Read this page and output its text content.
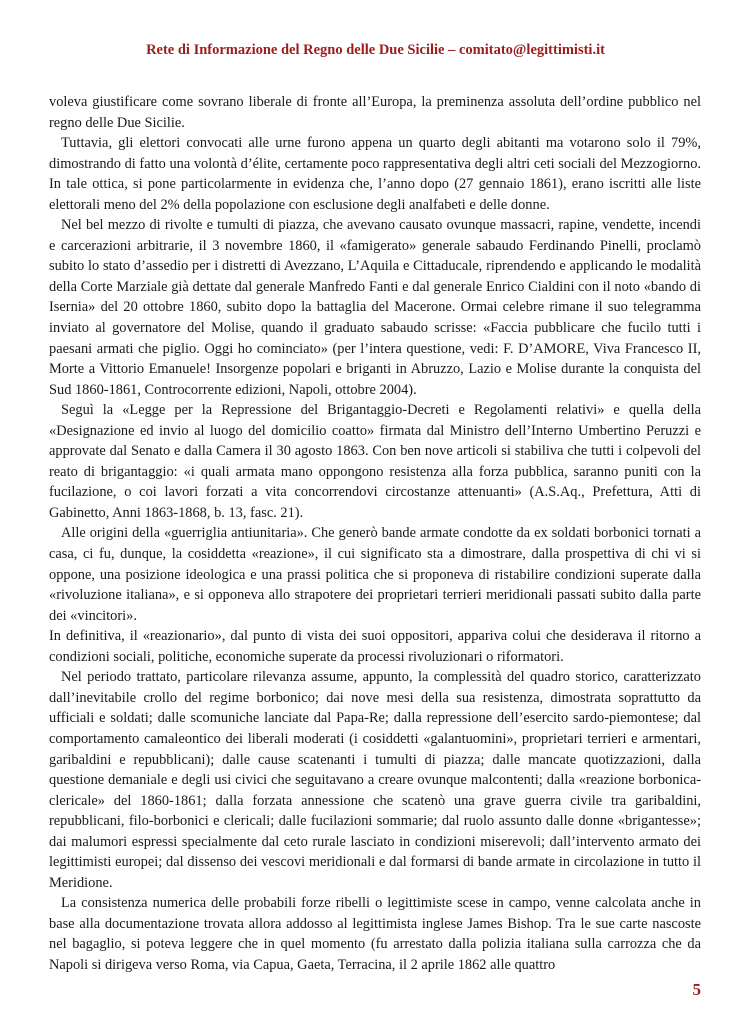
Rete di Informazione del Regno delle Due Sicilie – comitato@legittimisti.it

voleva giustificare come sovrano liberale di fronte all’Europa, la preminenza assoluta dell’ordine pubblico nel regno delle Due Sicilie.

Tuttavia, gli elettori convocati alle urne furono appena un quarto degli abitanti ma votarono solo il 79%, dimostrando di fatto una volontà d’élite, certamente poco rappresentativa degli altri ceti sociali del Mezzogiorno. In tale ottica, si pone particolarmente in evidenza che, l’anno dopo (27 gennaio 1861), erano iscritti alle liste elettorali meno del 2% della popolazione con esclusione degli analfabeti e delle donne.

Nel bel mezzo di rivolte e tumulti di piazza, che avevano causato ovunque massacri, rapine, vendette, incendi e carcerazioni arbitrarie, il 3 novembre 1860, il «famigerato» generale sabaudo Ferdinando Pinelli, proclamò subito lo stato d’assedio per i distretti di Avezzano, L’Aquila e Cittaducale, riprendendo e applicando le modalità della Corte Marziale già dettate dal generale Manfredo Fanti e dal generale Enrico Cialdini con il noto «bando di Isernia» del 20 ottobre 1860, subito dopo la battaglia del Macerone. Ormai celebre rimane il suo telegramma inviato al governatore del Molise, quando il graduato sabaudo scrisse: «Faccia pubblicare che fucilo tutti i paesani armati che piglio. Oggi ho cominciato» (per l’intera questione, vedi: F. D’AMORE, Viva Francesco II, Morte a Vittorio Emanuele! Insorgenze popolari e briganti in Abruzzo, Lazio e Molise durante la conquista del Sud 1860-1861, Controcorrente edizioni, Napoli, ottobre 2004).

Seguì la «Legge per la Repressione del Brigantaggio-Decreti e Regolamenti relativi» e quella della «Designazione ed invio al luogo del domicilio coatto» firmata dal Ministro dell’Interno Umbertino Peruzzi e approvate dal Senato e dalla Camera il 30 agosto 1863. Con ben nove articoli si stabiliva che tutti i colpevoli del reato di brigantaggio: «i quali armata mano oppongono resistenza alla forza pubblica, saranno puniti con la fucilazione, o coi lavori forzati a vita concorrendovi circostanze attenuanti» (A.S.Aq., Prefettura, Atti di Gabinetto, Anni 1863-1868, b. 13, fasc. 21).

Alle origini della «guerriglia antiunitaria». Che generò bande armate condotte da ex soldati borbonici tornati a casa, ci fu, dunque, la cosiddetta «reazione», il cui significato sta a dimostrare, dalla prospettiva di chi vi si oppone, una posizione ideologica e una prassi politica che si proponeva di ristabilire condizioni superate dalla «rivoluzione italiana», e si opponeva allo strapotere dei proprietari terrieri meridionali passati subito dalla parte dei «vincitori».

In definitiva, il «reazionario», dal punto di vista dei suoi oppositori, appariva colui che desiderava il ritorno a condizioni sociali, politiche, economiche superate da processi rivoluzionari o riformatori.

Nel periodo trattato, particolare rilevanza assume, appunto, la complessità del quadro storico, caratterizzato dall’inevitabile crollo del regime borbonico; dai nove mesi della sua resistenza, dimostrata soprattutto da ufficiali e soldati; dalle scomuniche lanciate dal Papa-Re; dalla repressione dell’esercito sardo-piemontese; dal comportamento camaleontico dei liberali moderati (i cosiddetti «galantuomini», proprietari terrieri e armentari, garibaldini e repubblicani); dalle cause scatenanti i tumulti di piazza; dalle mancate quotizzazioni, dalla questione demaniale e degli usi civici che seguitavano a creare ovunque malcontenti; dalla «reazione borbonica-clericale» del 1860-1861; dalla forzata annessione che scatenò una grave guerra civile tra garibaldini, repubblicani, filo-borbonici e clericali; dalle fucilazioni sommarie; dal ruolo assunto dalle donne «brigantesse»; dai malumori espressi specialmente dal ceto rurale lasciato in condizioni miserevoli; dall’intervento armato dei legittimisti europei; dal dissenso dei vescovi meridionali e dal formarsi di bande armate in circolazione in tutto il Meridione.

La consistenza numerica delle probabili forze ribelli o legittimiste scese in campo, venne calcolata anche in base alla documentazione trovata allora addosso al legittimista inglese James Bishop. Tra le sue carte nascoste nel bagaglio, si poteva leggere che in quel momento (fu arrestato dalla polizia italiana sulla carrozza che da Napoli si dirigeva verso Roma, via Capua, Gaeta, Terracina, il 2 aprile 1862 alle quattro

5
